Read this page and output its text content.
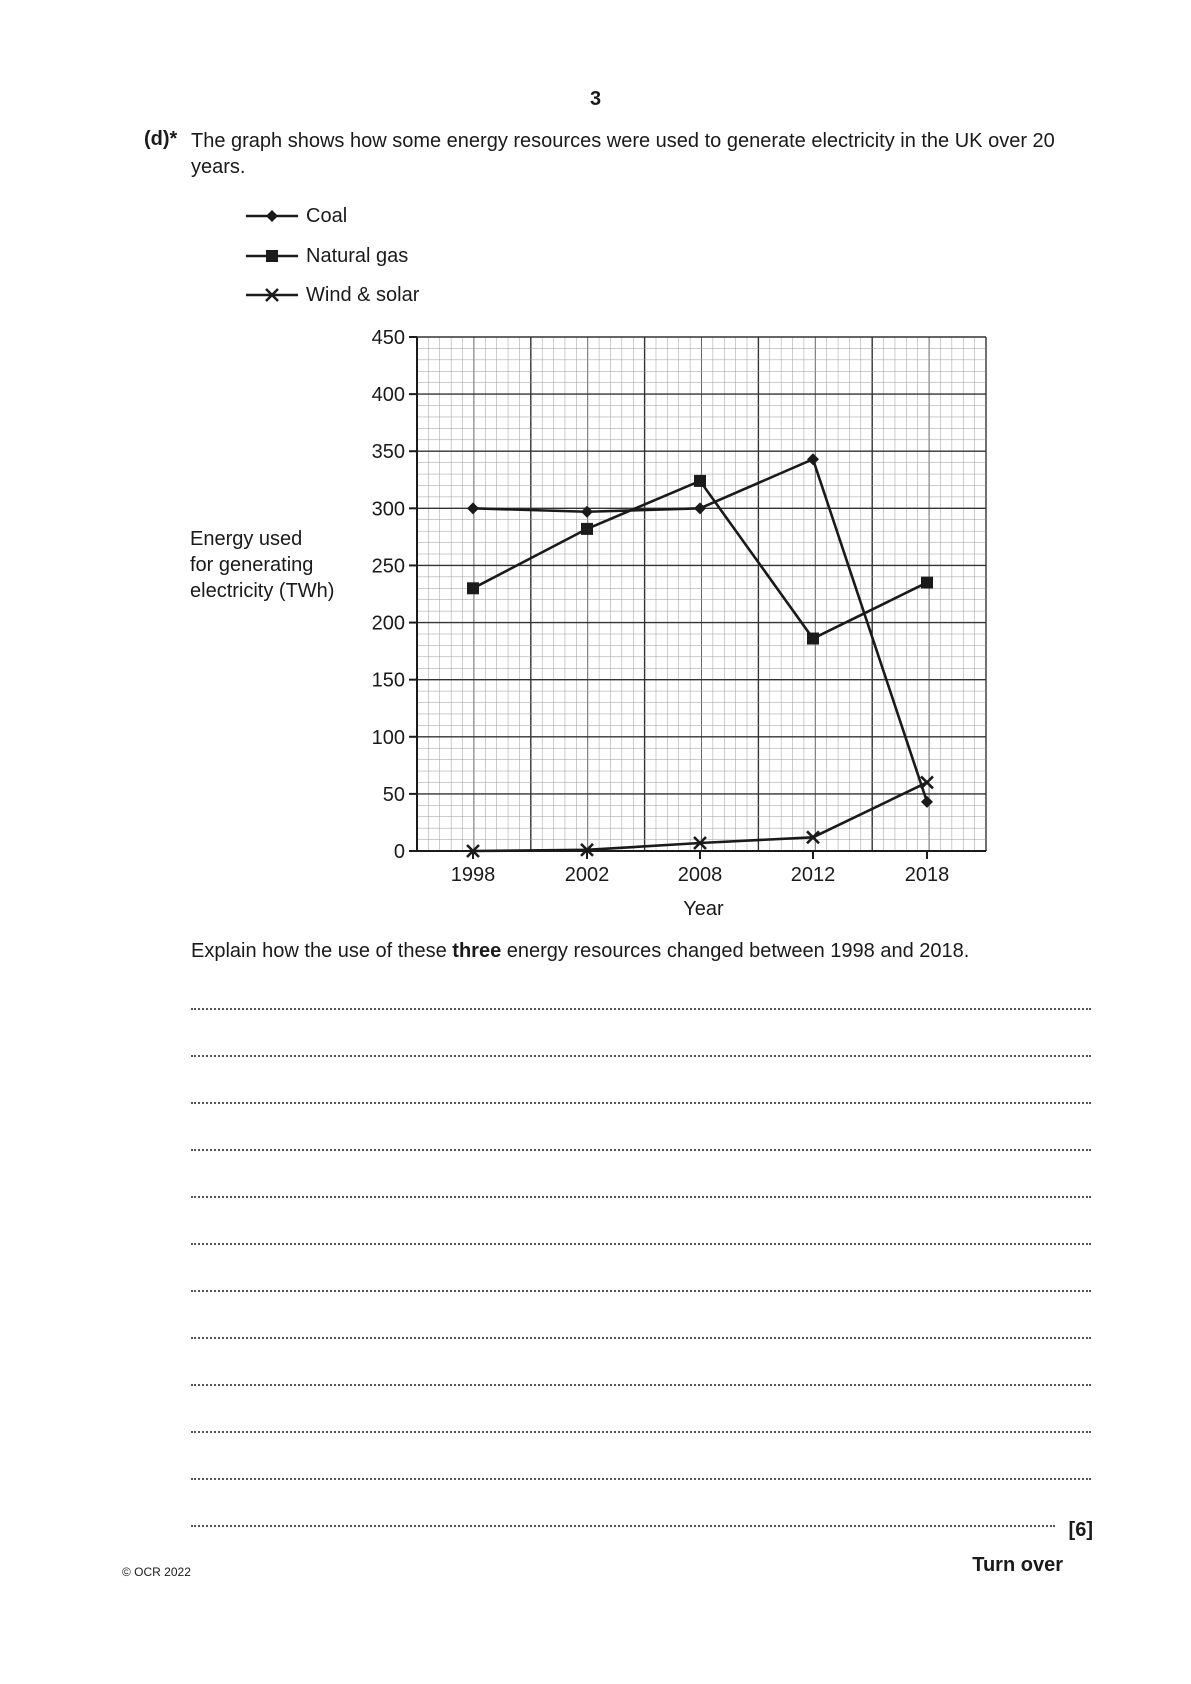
3
(d)* The graph shows how some energy resources were used to generate electricity in the UK over 20 years.
Coal
Natural gas
Wind & solar
Energy used
for generating
electricity (TWh)
0
50
100
150
200
250
300
350
400
450
1998	2002	2008	2012	2018
Year
Explain how the use of these three energy resources changed between 1998 and 2018.
[6]
© OCR 2022	Turn over
